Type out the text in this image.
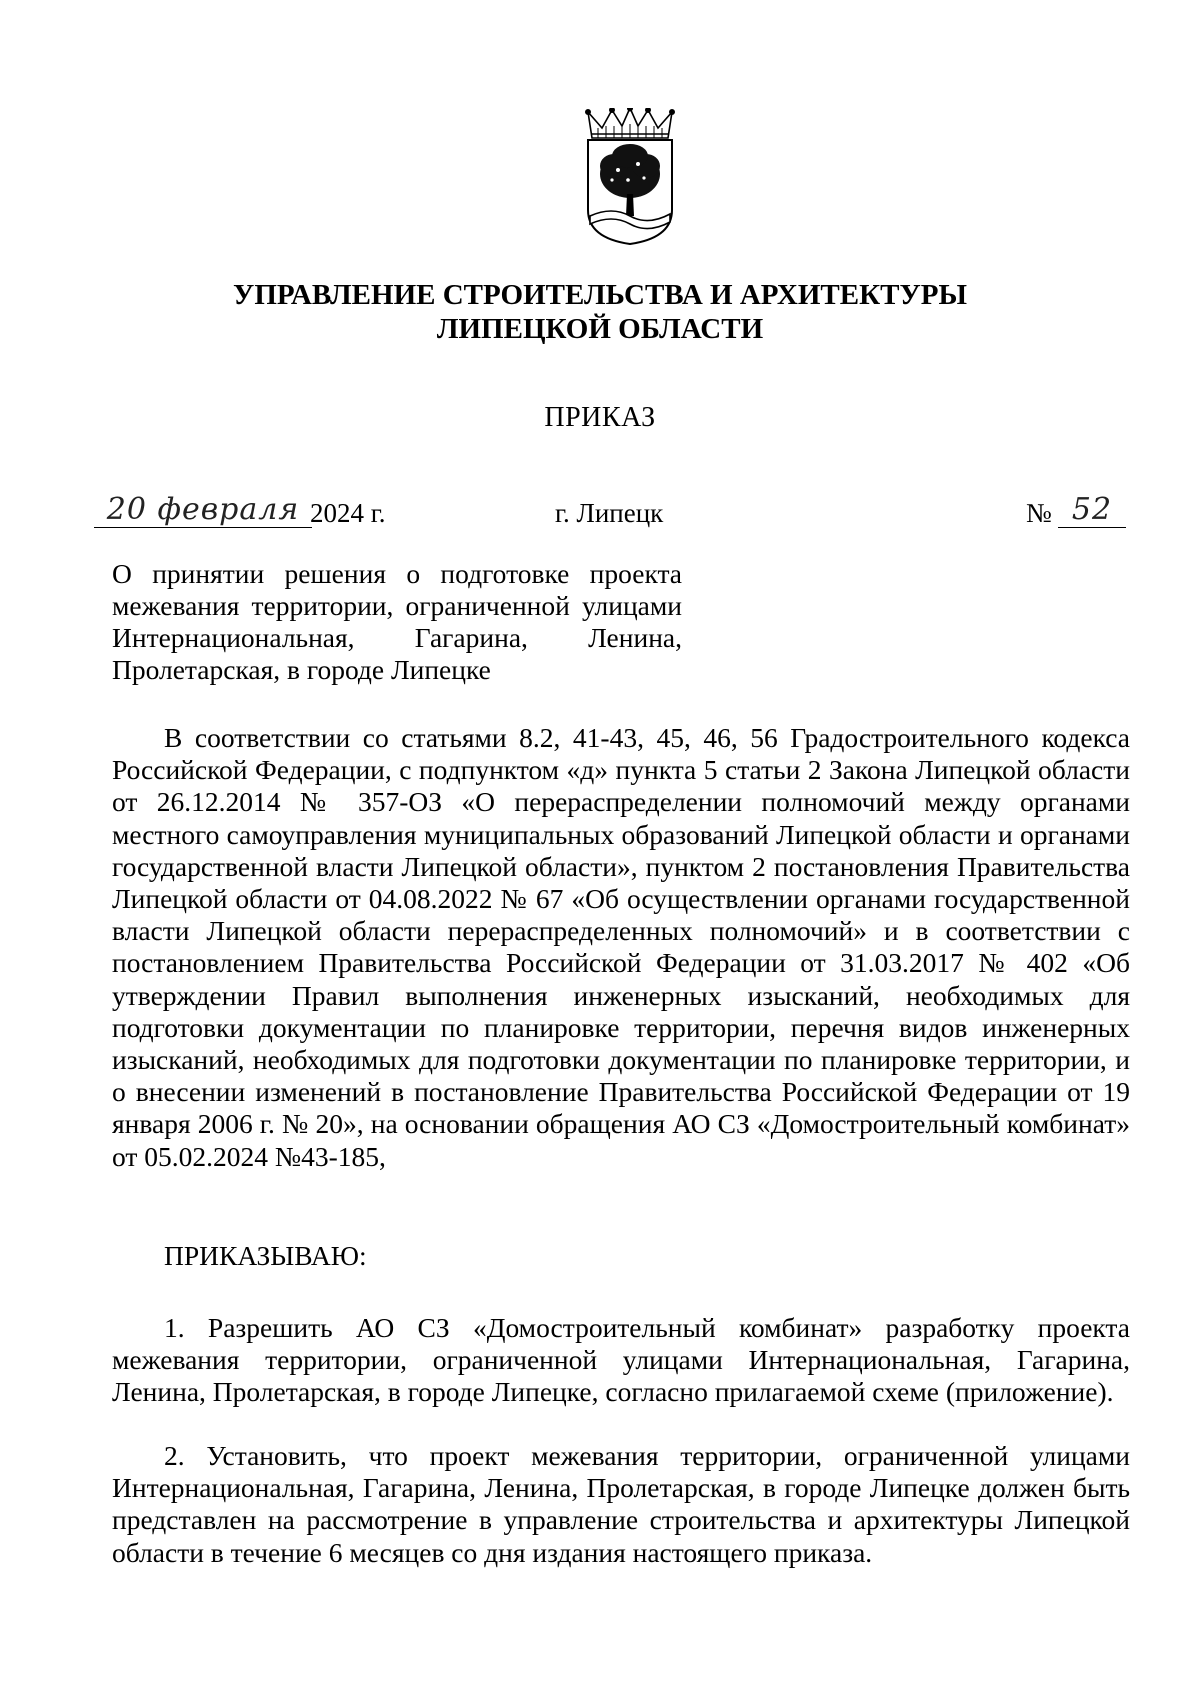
УПРАВЛЕНИЕ СТРОИТЕЛЬСТВА И АРХИТЕКТУРЫ
ЛИПЕЦКОЙ ОБЛАСТИ
ПРИКАЗ
20 февраля 2024 г.	г. Липецк	№ 52
О принятии решения о подготовке проекта межевания территории, ограниченной улицами Интернациональная, Гагарина, Ленина, Пролетарская, в городе Липецке

В соответствии со статьями 8.2, 41-43, 45, 46, 56 Градостроительного кодекса Российской Федерации, с подпунктом «д» пункта 5 статьи 2 Закона Липецкой области от 26.12.2014 № 357-ОЗ «О перераспределении полномочий между органами местного самоуправления муниципальных образований Липецкой области и органами государственной власти Липецкой области», пунктом 2 постановления Правительства Липецкой области от 04.08.2022 № 67 «Об осуществлении органами государственной власти Липецкой области перераспределенных полномочий» и в соответствии с постановлением Правительства Российской Федерации от 31.03.2017 № 402 «Об утверждении Правил выполнения инженерных изысканий, необходимых для подготовки документации по планировке территории, перечня видов инженерных изысканий, необходимых для подготовки документации по планировке территории, и о внесении изменений в постановление Правительства Российской Федерации от 19 января 2006 г. № 20», на основании обращения АО СЗ «Домостроительный комбинат» от 05.02.2024 №43-185,

ПРИКАЗЫВАЮ:

1. Разрешить АО СЗ «Домостроительный комбинат» разработку проекта межевания территории, ограниченной улицами Интернациональная, Гагарина, Ленина, Пролетарская, в городе Липецке, согласно прилагаемой схеме (приложение).

2. Установить, что проект межевания территории, ограниченной улицами Интернациональная, Гагарина, Ленина, Пролетарская, в городе Липецке должен быть представлен на рассмотрение в управление строительства и архитектуры Липецкой области в течение 6 месяцев со дня издания настоящего приказа.
